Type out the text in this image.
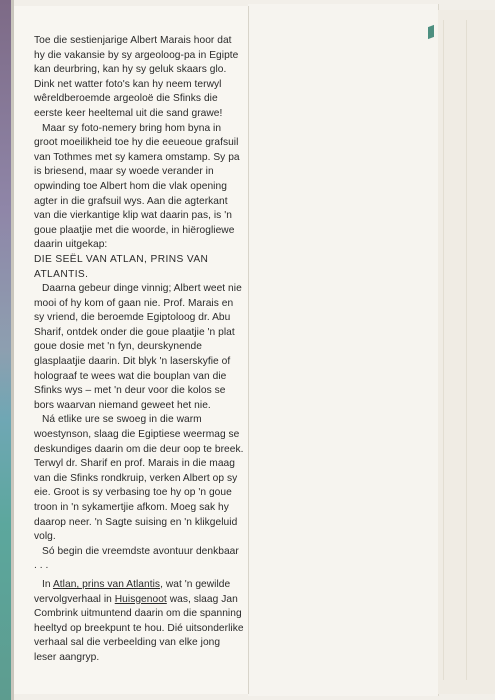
Toe die sestienjarige Albert Marais hoor dat hy die vakansie by sy argeoloog-pa in Egipte kan deurbring, kan hy sy geluk skaars glo. Dink net watter foto's kan hy neem terwyl wêreldberoemde argeoloë die Sfinks die eerste keer heeltemal uit die sand grawe!

Maar sy foto-nemery bring hom byna in groot moeilikheid toe hy die eeueoue grafsuil van Tothmes met sy kamera omstamp. Sy pa is briesend, maar sy woede verander in opwinding toe Albert hom die vlak opening agter in die grafsuil wys. Aan die agterkant van die vierkantige klip wat daarin pas, is 'n goue plaatjie met die woorde, in hiërogliewe daarin uitgekap:

DIE SEËL VAN ATLAN, PRINS VAN ATLANTIS.

Daarna gebeur dinge vinnig; Albert weet nie mooi of hy kom of gaan nie. Prof. Marais en sy vriend, die beroemde Egiptoloog dr. Abu Sharif, ontdek onder die goue plaatjie 'n plat goue dosie met 'n fyn, deurskynende glasplaatjie daarin. Dit blyk 'n laserskyfie of holograaf te wees wat die bouplan van die Sfinks wys – met 'n deur voor die kolos se bors waarvan niemand geweet het nie.

Ná etlike ure se swoeg in die warm woestynson, slaag die Egiptiese weermag se deskundiges daarin om die deur oop te breek. Terwyl dr. Sharif en prof. Marais in die maag van die Sfinks rondkruip, verken Albert op sy eie. Groot is sy verbasing toe hy op 'n goue troon in 'n sykamertjie afkom. Moeg sak hy daarop neer. 'n Sagte suising en 'n klikgeluid volg.

Só begin die vreemdste avontuur denkbaar . . .

In Atlan, prins van Atlantis, wat 'n gewilde vervolgverhaal in Huisgenoot was, slaag Jan Combrink uitmuntend daarin om die spanning heeltyd op breekpunt te hou. Dié uitsonderlike verhaal sal die verbeelding van elke jong leser aangryp.
